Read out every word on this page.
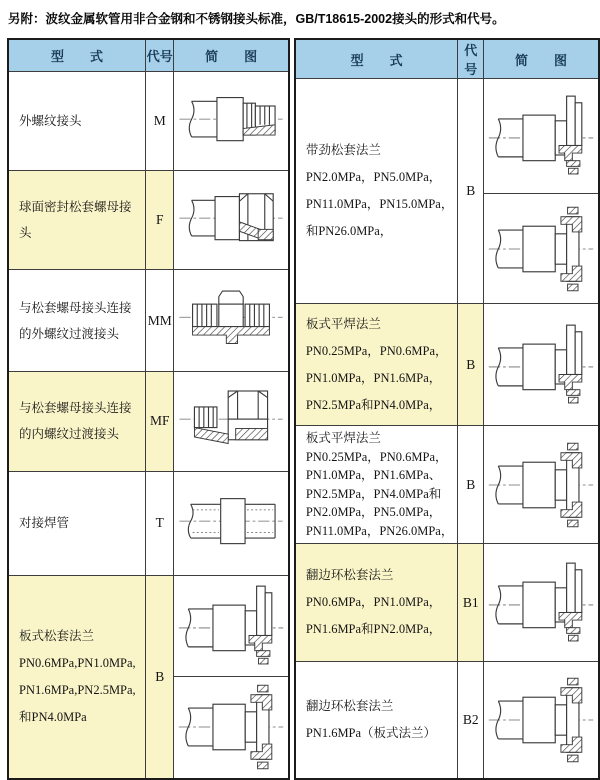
另附：波纹金属软管用非合金钢和不锈钢接头标准，GB/T18615-2002接头的形式和代号。
型　　式	代号	简　　图
外螺纹接头	M	

球面密封松套螺母接头	F	

与松套螺母接头连接的外螺纹过渡接头	MM	

与松套螺母接头连接的内螺纹过渡接头	MF	

对接焊管	T	

板式松套法兰
PN0.6MPa,PN1.0MPa,
PN1.6MPa,PN2.5MPa,
和PN4.0MPa	B	

型　　式	代号	简　　图

带劲松套法兰
PN2.0MPa，PN5.0MPa，
PN11.0MPa，PN15.0MPa，
和PN26.0MPa，	B	

板式平焊法兰
PN0.25MPa，PN0.6MPa，
PN1.0MPa，PN1.6MPa，
PN2.5MPa和PN4.0MPa，	B	

板式平焊法兰
PN0.25MPa，PN0.6MPa，
PN1.0MPa，PN1.6MPa、
PN2.5MPa，PN4.0MPa和
PN2.0MPa，PN5.0MPa，
PN11.0MPa，PN26.0MPa，
	B	

翻边环松套法兰
PN0.6MPa，PN1.0MPa，
PN1.6MPa和PN2.0MPa，	B1	

翻边环松套法兰
PN1.6MPa（板式法兰）	B2	
